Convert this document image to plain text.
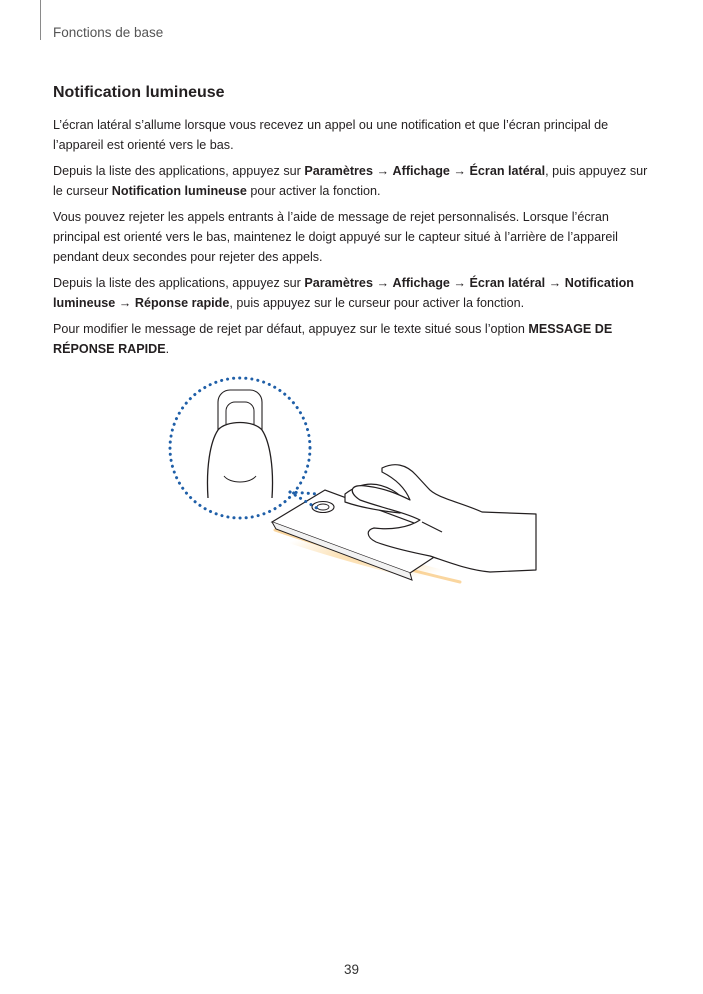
Fonctions de base
Notification lumineuse

L’écran latéral s’allume lorsque vous recevez un appel ou une notification et que l’écran principal de l’appareil est orienté vers le bas.

Depuis la liste des applications, appuyez sur Paramètres → Affichage → Écran latéral, puis appuyez sur le curseur Notification lumineuse pour activer la fonction.

Vous pouvez rejeter les appels entrants à l’aide de message de rejet personnalisés. Lorsque l’écran principal est orienté vers le bas, maintenez le doigt appuyé sur le capteur situé à l’arrière de l’appareil pendant deux secondes pour rejeter des appels.

Depuis la liste des applications, appuyez sur Paramètres → Affichage → Écran latéral → Notification lumineuse → Réponse rapide, puis appuyez sur le curseur pour activer la fonction.

Pour modifier le message de rejet par défaut, appuyez sur le texte situé sous l’option MESSAGE DE RÉPONSE RAPIDE.

39
